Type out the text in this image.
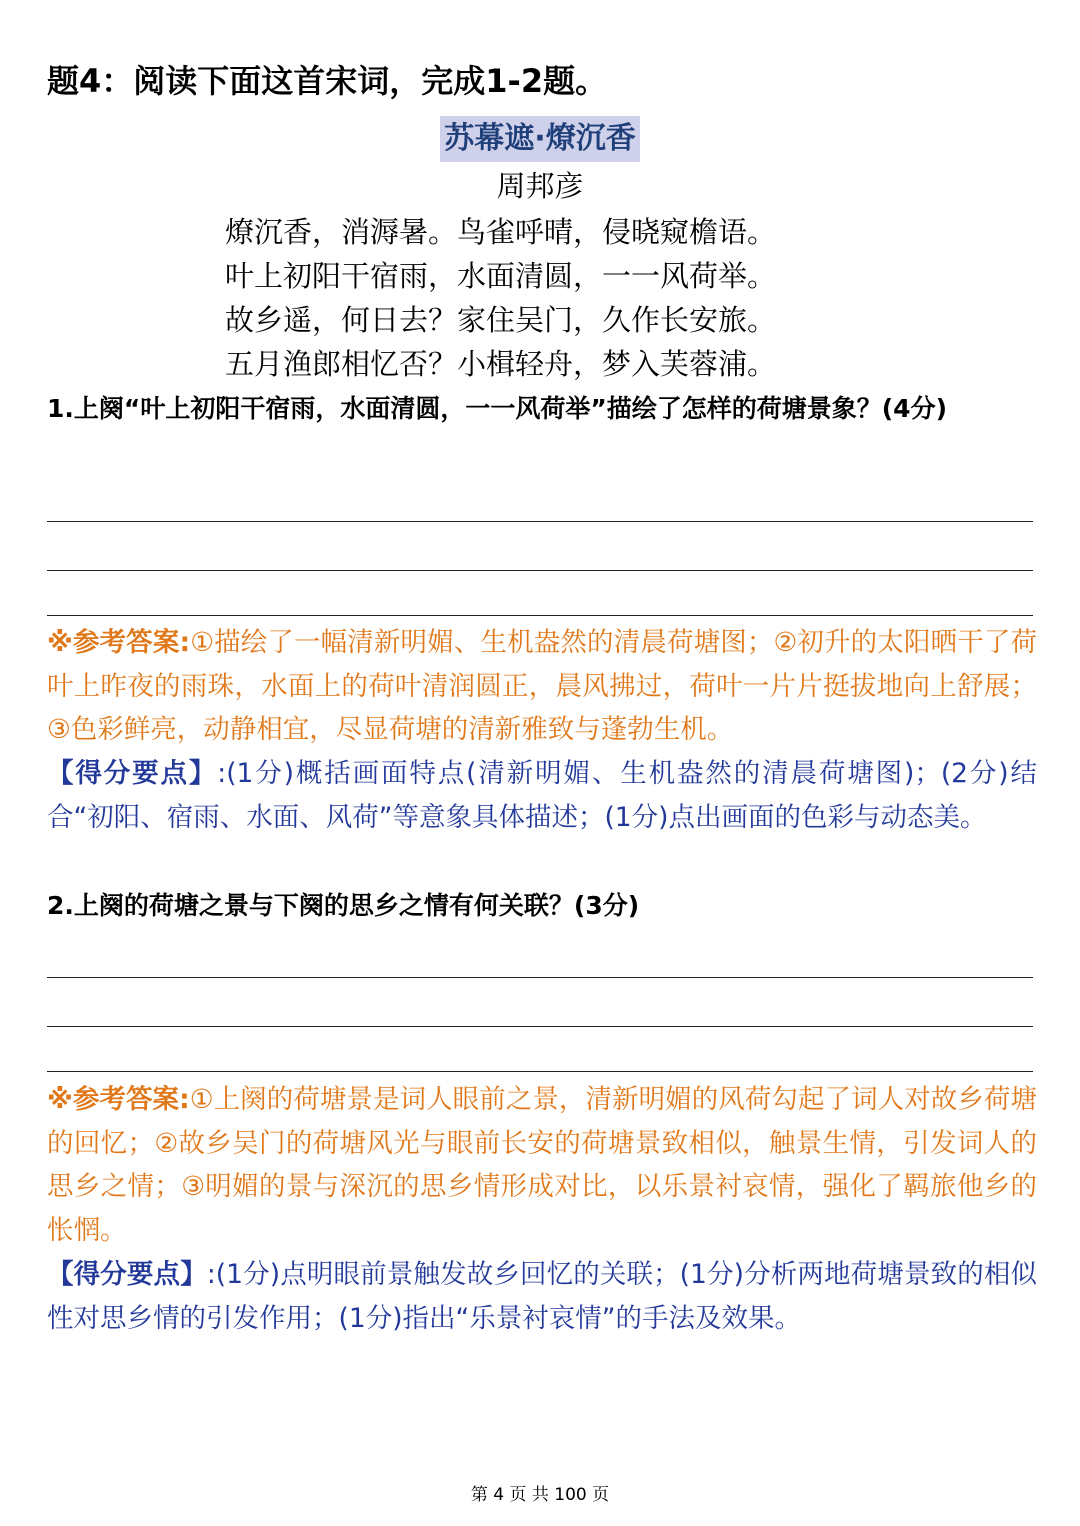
题4：阅读下面这首宋词，完成1-2题。
苏幕遮·燎沉香
周邦彦
燎沉香，消溽暑。鸟雀呼晴，侵晓窥檐语。
叶上初阳干宿雨，水面清圆，一一风荷举。
故乡遥，何日去？家住吴门，久作长安旅。
五月渔郎相忆否？小楫轻舟，梦入芙蓉浦。
1.上阕“叶上初阳干宿雨，水面清圆，一一风荷举”描绘了怎样的荷塘景象？(4分)
※参考答案:①描绘了一幅清新明媚、生机盎然的清晨荷塘图；②初升的太阳晒干了荷叶上昨夜的雨珠，水面上的荷叶清润圆正，晨风拂过，荷叶一片片挺拔地向上舒展；③色彩鲜亮，动静相宜，尽显荷塘的清新雅致与蓬勃生机。
【得分要点】:(1分)概括画面特点(清新明媚、生机盎然的清晨荷塘图)；(2分)结合“初阳、宿雨、水面、风荷”等意象具体描述；(1分)点出画面的色彩与动态美。
2.上阕的荷塘之景与下阕的思乡之情有何关联？(3分)
※参考答案:①上阕的荷塘景是词人眼前之景，清新明媚的风荷勾起了词人对故乡荷塘的回忆；②故乡吴门的荷塘风光与眼前长安的荷塘景致相似，触景生情，引发词人的思乡之情；③明媚的景与深沉的思乡情形成对比，以乐景衬哀情，强化了羁旅他乡的怅惘。
【得分要点】:(1分)点明眼前景触发故乡回忆的关联；(1分)分析两地荷塘景致的相似性对思乡情的引发作用；(1分)指出“乐景衬哀情”的手法及效果。
第 4 页 共 100 页
